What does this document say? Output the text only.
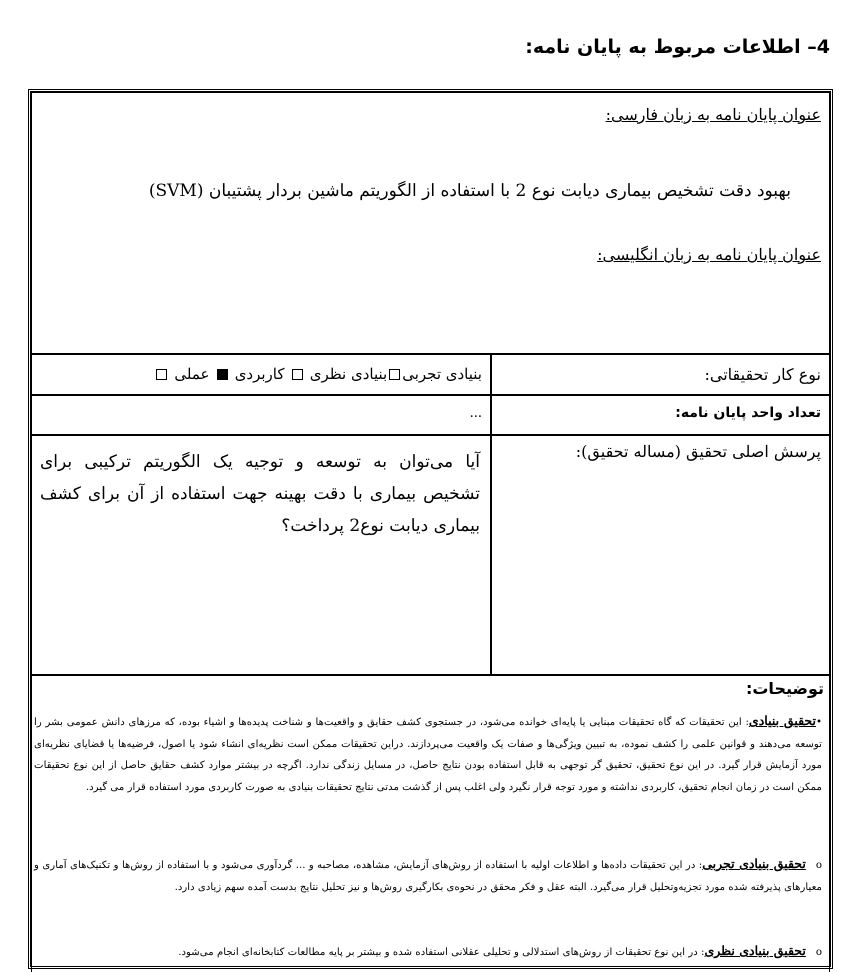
4– اطلاعات مربوط به پایان نامه:
عنوان پایان نامه به زبان فارسی:
بهبود دقت تشخیص بیماری دیابت نوع 2 با استفاده از الگوریتم ماشین بردار پشتیبان (SVM)
عنوان پایان نامه به زبان انگلیسی:
نوع کار تحقیقاتی:
بنیادی تجربیبنیادی نظری  کاربردی  عملی
تعداد واحد پایان نامه:
...
پرسش اصلی تحقیق (مساله تحقیق):
آیا می‌توان به توسعه و توجیه یک الگوریتم ترکیبی برای تشخیص بیماری با دقت بهینه جهت استفاده از آن برای کشف بیماری دیابت نوع2 پرداخت؟
توضیحات:
•تحقیق بنیادی: این تحقیقات که گاه تحقیقات مبنایی یا پایه‌ای خوانده می‌شود، در جستجوی کشف حقایق و واقعیت‌ها و شناخت پدیده‌ها و اشیاء بوده، که مرزهای دانش عمومی بشر را توسعه می‌دهند و قوانین علمی را کشف نموده، به تبیین ویژگی‌ها و صفات یک واقعیت می‌پردازند. دراین تحقیقات ممکن است نظریه‌ای انشاء شود یا اصول، فرضیه‌ها یا قضایای نظریه‌ای مورد آزمایش قرار گیرد. در این نوع تحقیق، تحقیق گر توجهی به قابل استفاده بودن نتایج حاصل، در مسایل زندگی ندارد. اگرچه در بیشتر موارد کشف حقایق حاصل از این نوع تحقیقات ممکن است در زمان انجام تحقیق، کاربردی نداشته و مورد توجه قرار نگیرد ولی اغلب پس از گذشت مدتی نتایج تحقیقات بنیادی به صورت کاربردی مورد استفاده قرار می گیرد.
oتحقیق بنیادی تجربی: در این تحقیقات داده‌ها و اطلاعات اولیه با استفاده از روش‌های آزمایش، مشاهده، مصاحبه و ... گردآوری می‌شود و با استفاده از روش‌ها و تکنیک‌های آماری و معیارهای پذیرفته شده مورد تجزیه‌وتحلیل قرار می‌گیرد. البته عقل و فکر محقق در نحوه‌ی بکارگیری روش‌ها و نیز تحلیل نتایج بدست آمده سهم زیادی دارد.
oتحقیق بنیادی نظری: در این نوع تحقیقات از روش‌های استدلالی و تحلیلی عقلانی استفاده شده و بیشتر بر پایه مطالعات کتابخانه‌ای انجام می‌شود.
